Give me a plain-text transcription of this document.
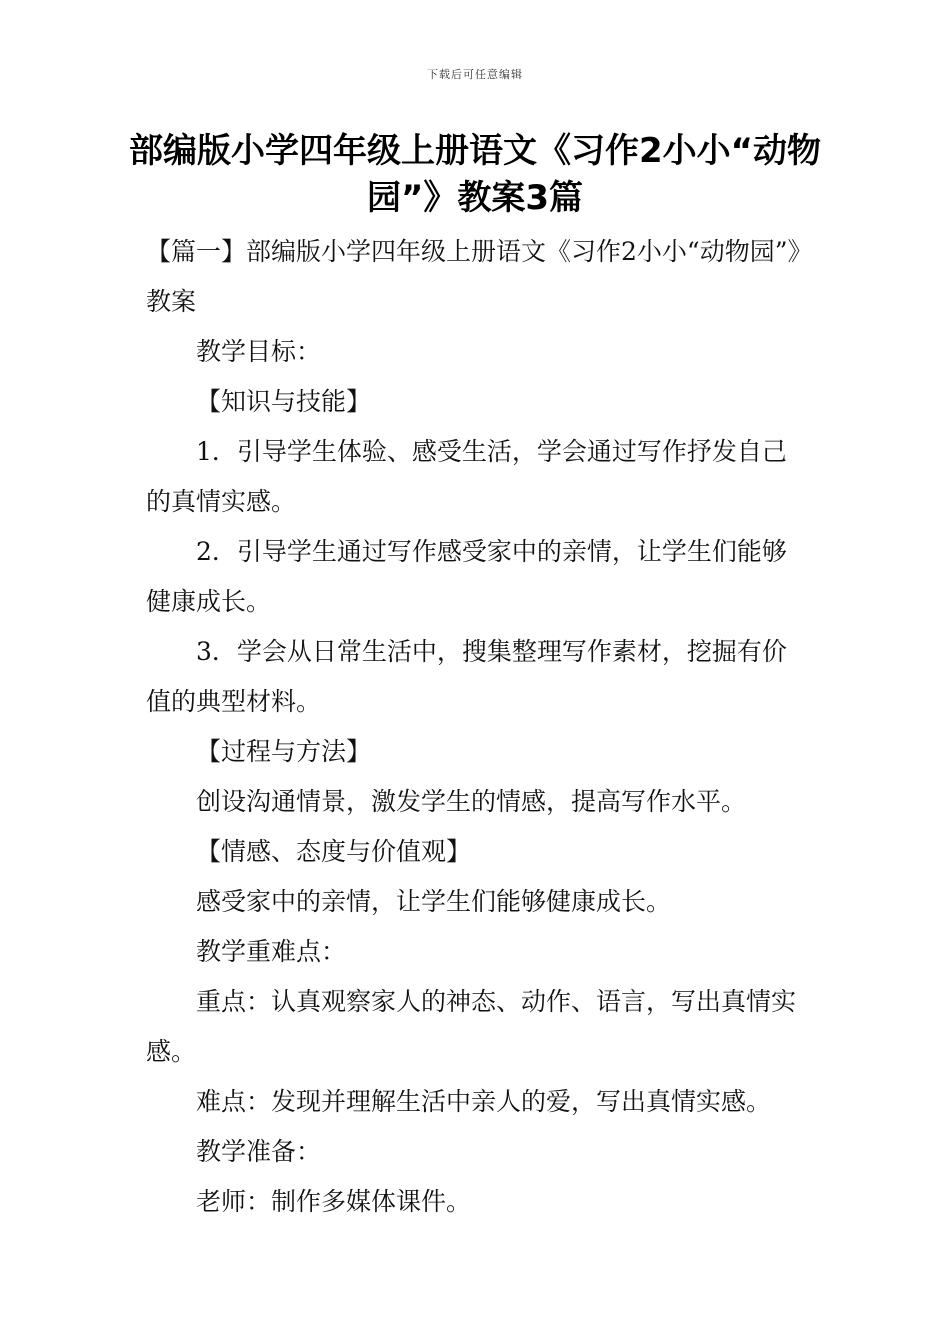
下载后可任意编辑
部编版小学四年级上册语文《习作2小小“动物园”》教案3篇

【篇一】部编版小学四年级上册语文《习作2小小“动物园”》教案

教学目标：

【知识与技能】

1．引导学生体验、感受生活，学会通过写作抒发自己的真情实感。

2．引导学生通过写作感受家中的亲情，让学生们能够健康成长。

3．学会从日常生活中，搜集整理写作素材，挖掘有价值的典型材料。

【过程与方法】

创设沟通情景，激发学生的情感，提高写作水平。

【情感、态度与价值观】

感受家中的亲情，让学生们能够健康成长。

教学重难点：

重点：认真观察家人的神态、动作、语言，写出真情实感。

难点：发现并理解生活中亲人的爱，写出真情实感。

教学准备：

老师：制作多媒体课件。
